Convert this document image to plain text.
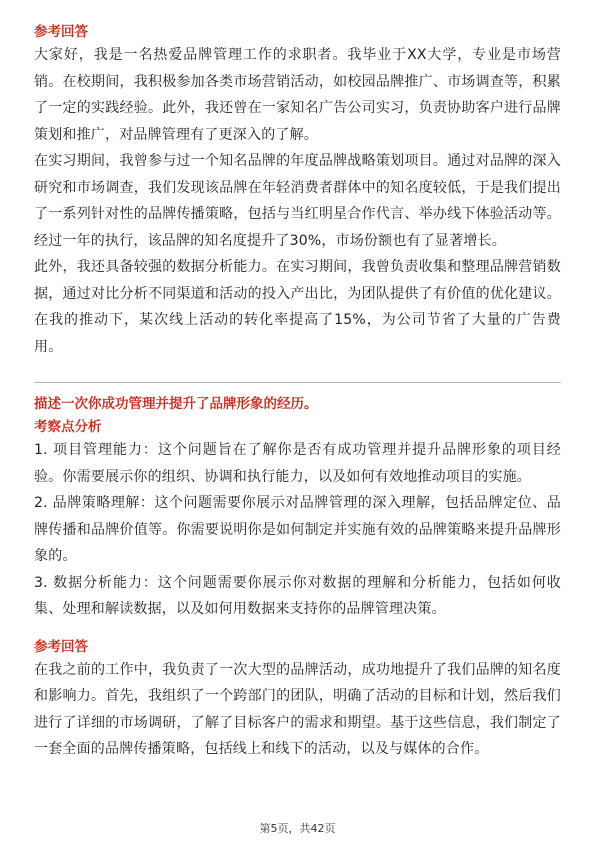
参考回答

大家好，我是一名热爱品牌管理工作的求职者。我毕业于XX大学，专业是市场营销。在校期间，我积极参加各类市场营销活动，如校园品牌推广、市场调查等，积累了一定的实践经验。此外，我还曾在一家知名广告公司实习，负责协助客户进行品牌策划和推广，对品牌管理有了更深入的了解。

在实习期间，我曾参与过一个知名品牌的年度品牌战略策划项目。通过对品牌的深入研究和市场调查，我们发现该品牌在年轻消费者群体中的知名度较低，于是我们提出了一系列针对性的品牌传播策略，包括与当红明星合作代言、举办线下体验活动等。经过一年的执行，该品牌的知名度提升了30%，市场份额也有了显著增长。

此外，我还具备较强的数据分析能力。在实习期间，我曾负责收集和整理品牌营销数据，通过对比分析不同渠道和活动的投入产出比，为团队提供了有价值的优化建议。在我的推动下，某次线上活动的转化率提高了15%，为公司节省了大量的广告费用。

描述一次你成功管理并提升了品牌形象的经历。

考察点分析

1. 项目管理能力：这个问题旨在了解你是否有成功管理并提升品牌形象的项目经验。你需要展示你的组织、协调和执行能力，以及如何有效地推动项目的实施。

2. 品牌策略理解：这个问题需要你展示对品牌管理的深入理解，包括品牌定位、品牌传播和品牌价值等。你需要说明你是如何制定并实施有效的品牌策略来提升品牌形象的。

3. 数据分析能力：这个问题需要你展示你对数据的理解和分析能力，包括如何收集、处理和解读数据，以及如何用数据来支持你的品牌管理决策。

参考回答

在我之前的工作中，我负责了一次大型的品牌活动，成功地提升了我们品牌的知名度和影响力。首先，我组织了一个跨部门的团队，明确了活动的目标和计划，然后我们进行了详细的市场调研，了解了目标客户的需求和期望。基于这些信息，我们制定了一套全面的品牌传播策略，包括线上和线下的活动，以及与媒体的合作。

第5页，共42页
